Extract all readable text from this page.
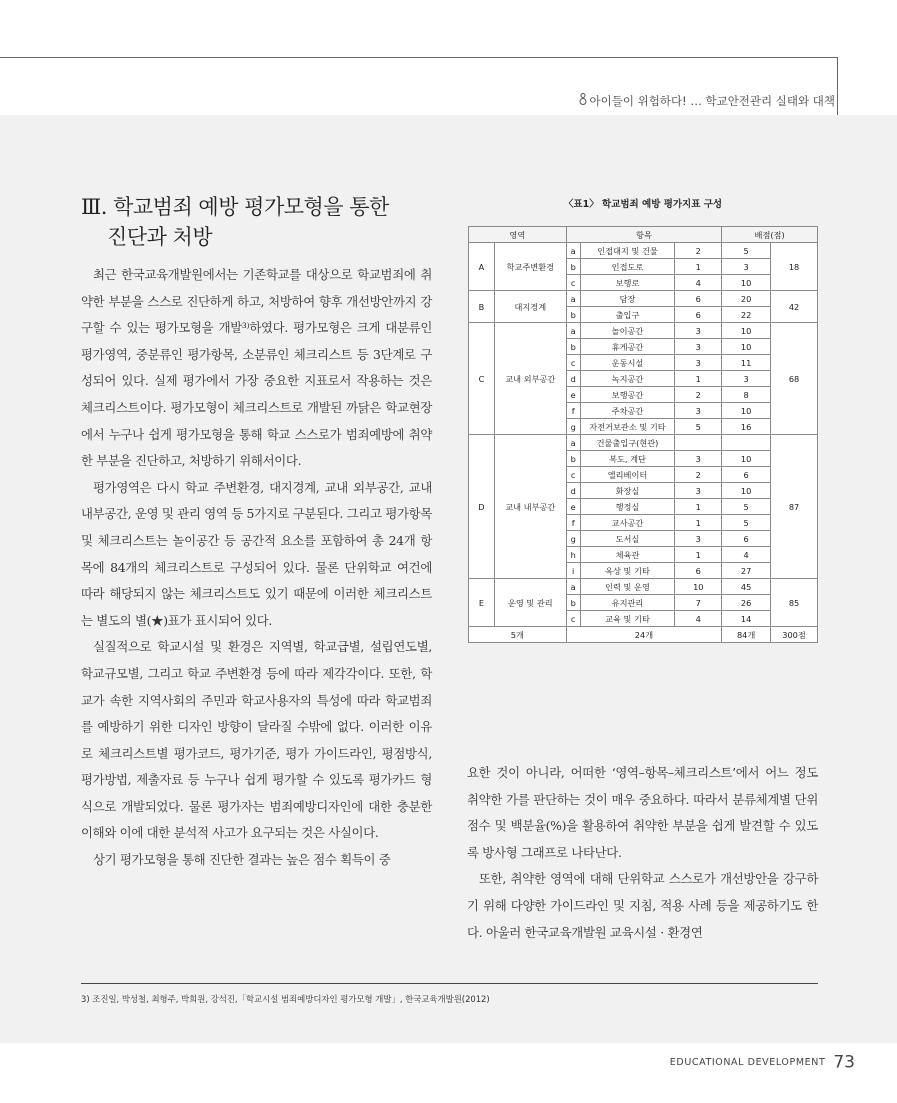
아이들이 위험하다! … 학교안전관리 실태와 대책
Ⅲ. 학교범죄 예방 평가모형을 통한
진단과 처방

최근 한국교육개발원에서는 기존학교를 대상으로 학교범죄에 취약한 부분을 스스로 진단하게 하고, 처방하여 향후 개선방안까지 강구할 수 있는 평가모형을 개발³⁾하였다. 평가모형은 크게 대분류인 평가영역, 중분류인 평가항목, 소분류인 체크리스트 등 3단계로 구성되어 있다. 실제 평가에서 가장 중요한 지표로서 작용하는 것은 체크리스트이다. 평가모형이 체크리스트로 개발된 까닭은 학교현장에서 누구나 쉽게 평가모형을 통해 학교 스스로가 범죄예방에 취약한 부분을 진단하고, 처방하기 위해서이다.

평가영역은 다시 학교 주변환경, 대지경계, 교내 외부공간, 교내 내부공간, 운영 및 관리 영역 등 5가지로 구분된다. 그리고 평가항목 및 체크리스트는 놀이공간 등 공간적 요소를 포함하여 총 24개 항목에 84개의 체크리스트로 구성되어 있다. 물론 단위학교 여건에 따라 해당되지 않는 체크리스트도 있기 때문에 이러한 체크리스트는 별도의 별(★)표가 표시되어 있다.

실질적으로 학교시설 및 환경은 지역별, 학교급별, 설립연도별, 학교규모별, 그리고 학교 주변환경 등에 따라 제각각이다. 또한, 학교가 속한 지역사회의 주민과 학교사용자의 특성에 따라 학교범죄를 예방하기 위한 디자인 방향이 달라질 수밖에 없다. 이러한 이유로 체크리스트별 평가코드, 평가기준, 평가 가이드라인, 평점방식, 평가방법, 제출자료 등 누구나 쉽게 평가할 수 있도록 평가카드 형식으로 개발되었다. 물론 평가자는 범죄예방디자인에 대한 충분한 이해와 이에 대한 분석적 사고가 요구되는 것은 사실이다.

상기 평가모형을 통해 진단한 결과는 높은 점수 획득이 중

〈표1〉 학교범죄 예방 평가지표 구성
영역		항목			배점(점)	
A	학교주변환경	a	인접대지 및 건물	2	5	18
		b	인접도로	1	3	
		c	보행로	4	10	
B	대지경계	a	담장	6	20	42
		b	출입구	6	22	
C	교내 외부공간	a	놀이공간	3	10	68
		b	휴게공간	3	10	
		c	운동시설	3	11	
		d	녹지공간	1	3	
		e	보행공간	2	8	
		f	주차공간	3	10	
		g	자전거보관소 및 기타	5	16	
D	교내 내부공간	a	건물출입구(현관)			87
		b	복도, 계단	3	10	
		c	엘리베이터	2	6	
		d	화장실	3	10	
		e	행정실	1	5	
		f	교사공간	1	5	
		g	도서실	3	6	
		h	체육관	1	4	
		i	옥상 및 기타	6	27	
E	운영 및 관리	a	인력 및 운영	10	45	85
		b	유지관리	7	26	
		c	교육 및 기타	4	14	
5개		24개			84개	300점

요한 것이 아니라, 어떠한 ‘영역–항목–체크리스트’에서 어느 정도 취약한 가를 판단하는 것이 매우 중요하다. 따라서 분류체계별 단위점수 및 백분율(%)을 활용하여 취약한 부분을 쉽게 발견할 수 있도록 방사형 그래프로 나타난다.

또한, 취약한 영역에 대해 단위학교 스스로가 개선방안을 강구하기 위해 다양한 가이드라인 및 지침, 적용 사례 등을 제공하기도 한다. 아울러 한국교육개발원 교육시설 · 환경연

3) 조진일, 박성철, 최형주, 박희원, 강석진,「학교시설 범죄예방디자인 평가모형 개발」, 한국교육개발원(2012)
EDUCATIONAL DEVELOPMENT 73
